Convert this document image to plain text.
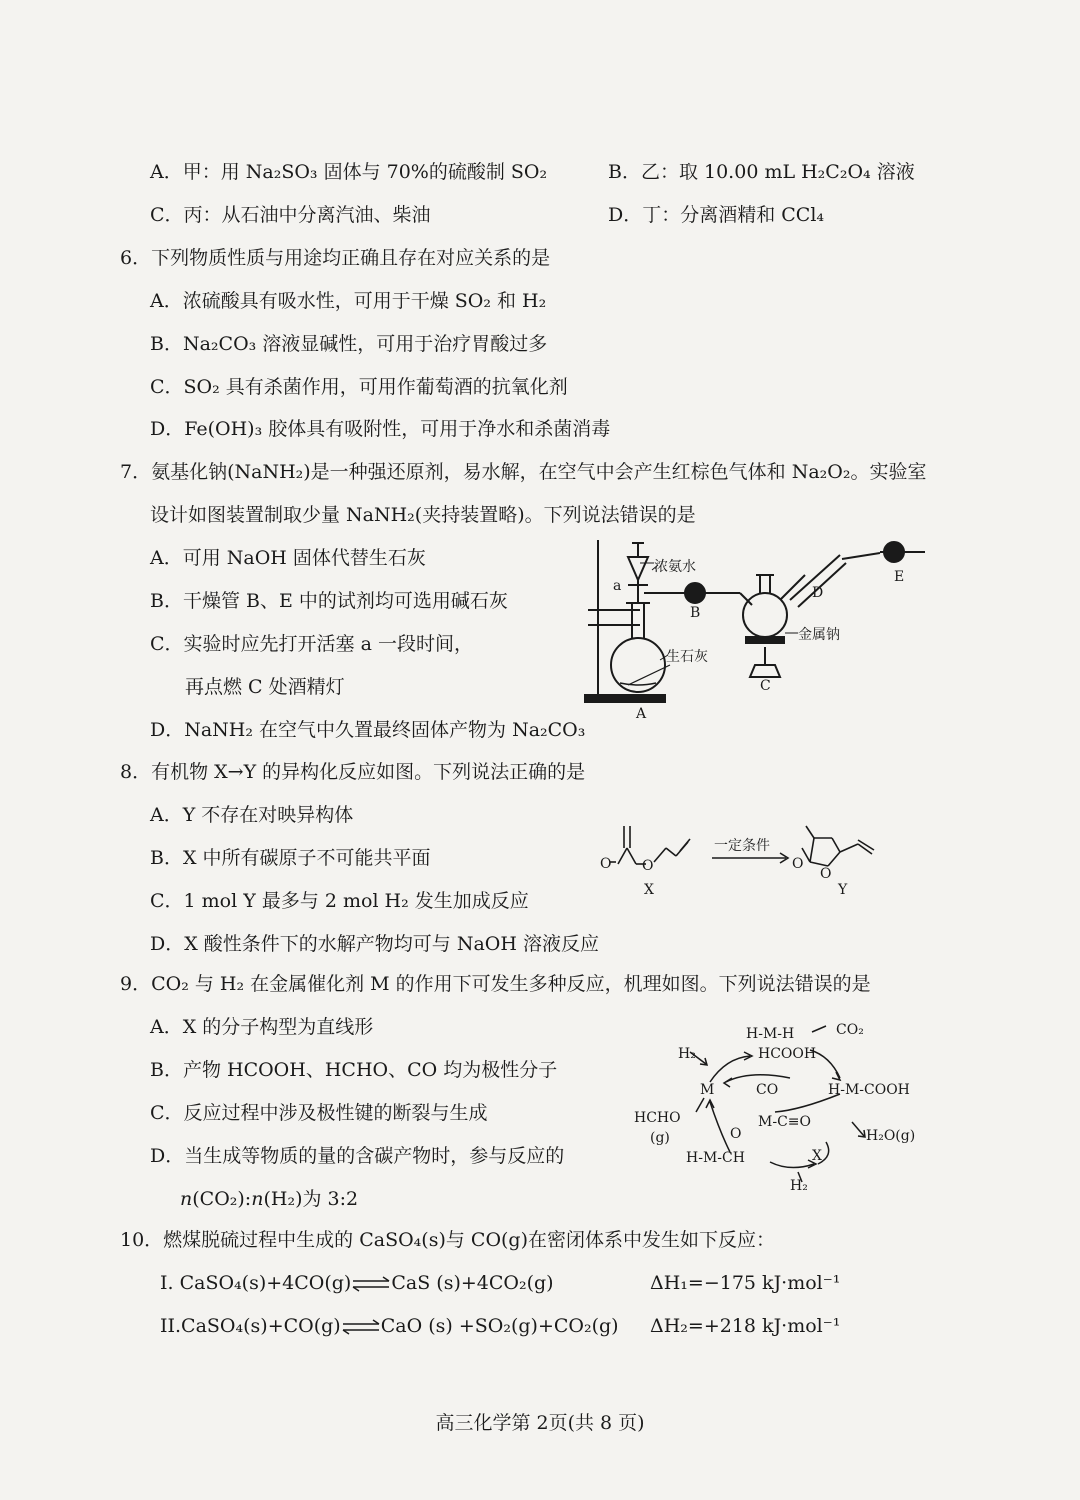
A．甲：用 Na₂SO₃ 固体与 70%的硫酸制 SO₂	B．乙：取 10.00 mL H₂C₂O₄ 溶液
C．丙：从石油中分离汽油、柴油	D．丁：分离酒精和 CCl₄
6．下列物质性质与用途均正确且存在对应关系的是
A．浓硫酸具有吸水性，可用于干燥 SO₂ 和 H₂
B．Na₂CO₃ 溶液显碱性，可用于治疗胃酸过多
C．SO₂ 具有杀菌作用，可用作葡萄酒的抗氧化剂
D．Fe(OH)₃ 胶体具有吸附性，可用于净水和杀菌消毒
7．氨基化钠(NaNH₂)是一种强还原剂，易水解，在空气中会产生红棕色气体和 Na₂O₂。实验室
设计如图装置制取少量 NaNH₂(夹持装置略)。下列说法错误的是
A．可用 NaOH 固体代替生石灰
B．干燥管 B、E 中的试剂均可选用碱石灰
C．实验时应先打开活塞 a 一段时间，
再点燃 C 处酒精灯
D．NaNH₂ 在空气中久置最终固体产物为 Na₂CO₃
浓氨水
a
A
B
C
D
E
生石灰
金属钠
8．有机物 X→Y 的异构化反应如图。下列说法正确的是
A．Y 不存在对映异构体
B．X 中所有碳原子不可能共平面
C．1 mol Y 最多与 2 mol H₂ 发生加成反应
D．X 酸性条件下的水解产物均可与 NaOH 溶液反应
O O	O
O
一定条件
X	Y
9．CO₂ 与 H₂ 在金属催化剂 M 的作用下可发生多种反应，机理如图。下列说法错误的是
A．X 的分子构型为直线形
B．产物 HCOOH、HCHO、CO 均为极性分子
C．反应过程中涉及极性键的断裂与生成
D．当生成等物质的量的含碳产物时，参与反应的
n(CO₂):n(H₂)为 3:2
H-M-H	CO₂
H₂	HCOOH
M	CO	H-M-COOH
HCHO
(g)
M-C≡O
O	H₂O(g)
H-M-CH	X
H₂
10．燃煤脱硫过程中生成的 CaSO₄(s)与 CO(g)在密闭体系中发生如下反应：
I. CaSO₄(s)+4CO(g)⇌CaS (s)+4CO₂(g)	ΔH₁=−175 kJ·mol⁻¹
II.CaSO₄(s)+CO(g)⇌CaO (s) +SO₂(g)+CO₂(g) ΔH₂=+218 kJ·mol⁻¹
高三化学第 2页(共 8 页)
